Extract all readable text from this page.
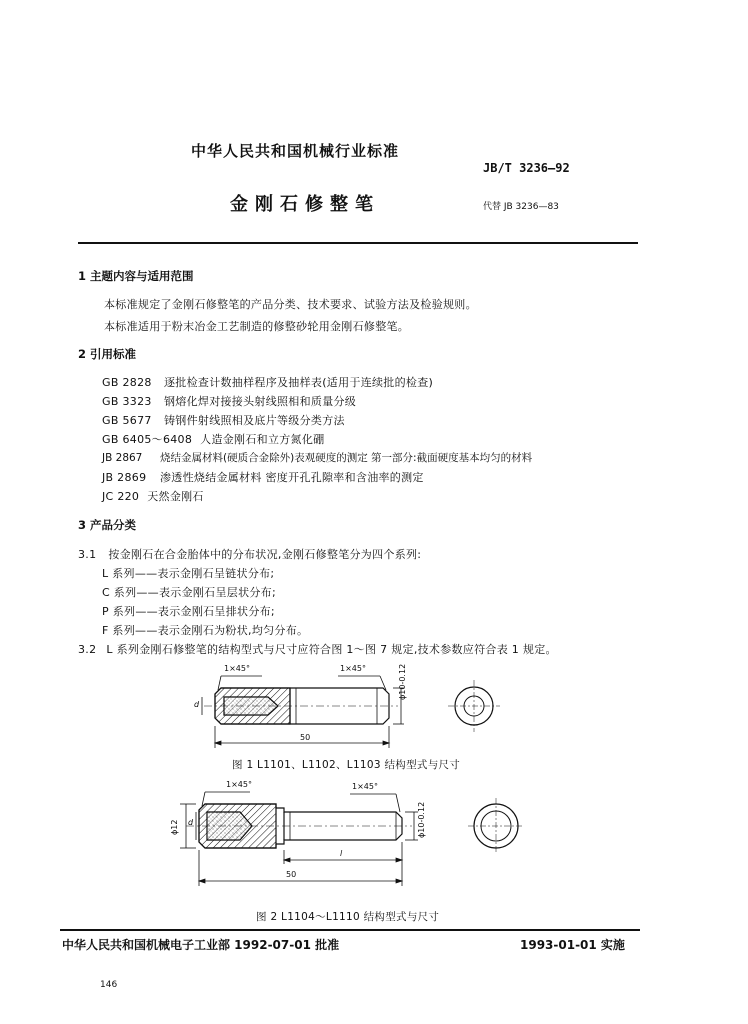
中华人民共和国机械行业标准
JB/T 3236—92
金刚石修整笔	代替 JB 3236—83
1 主题内容与适用范围
本标准规定了金刚石修整笔的产品分类、技术要求、试验方法及检验规则。
本标准适用于粉末冶金工艺制造的修整砂轮用金刚石修整笔。
2 引用标准
GB 2828 逐批检查计数抽样程序及抽样表(适用于连续批的检查)
GB 3323 钢熔化焊对接接头射线照相和质量分级
GB 5677 铸钢件射线照相及底片等级分类方法
GB 6405～6408 人造金刚石和立方氮化硼
JB 2867 烧结金属材料(硬质合金除外)表观硬度的测定 第一部分:截面硬度基本均匀的材料
JB 2869 渗透性烧结金属材料 密度开孔孔隙率和含油率的测定
JC 220 天然金刚石
3 产品分类
3.1 按金刚石在合金胎体中的分布状况,金刚石修整笔分为四个系列:
L 系列——表示金刚石呈链状分布;
C 系列——表示金刚石呈层状分布;
P 系列——表示金刚石呈排状分布;
F 系列——表示金刚石为粉状,均匀分布。
3.2 L 系列金刚石修整笔的结构型式与尺寸应符合图 1～图 7 规定,技术参数应符合表 1 规定。
1×45°	1×45°
d
ϕ10-0.12
50
图 1 L1101、L1102、L1103 结构型式与尺寸
1×45°	1×45°
ϕ12 d	ϕ10-0.12
l
50
图 2 L1104～L1110 结构型式与尺寸
中华人民共和国机械电子工业部 1992-07-01 批准	1993-01-01 实施
146
